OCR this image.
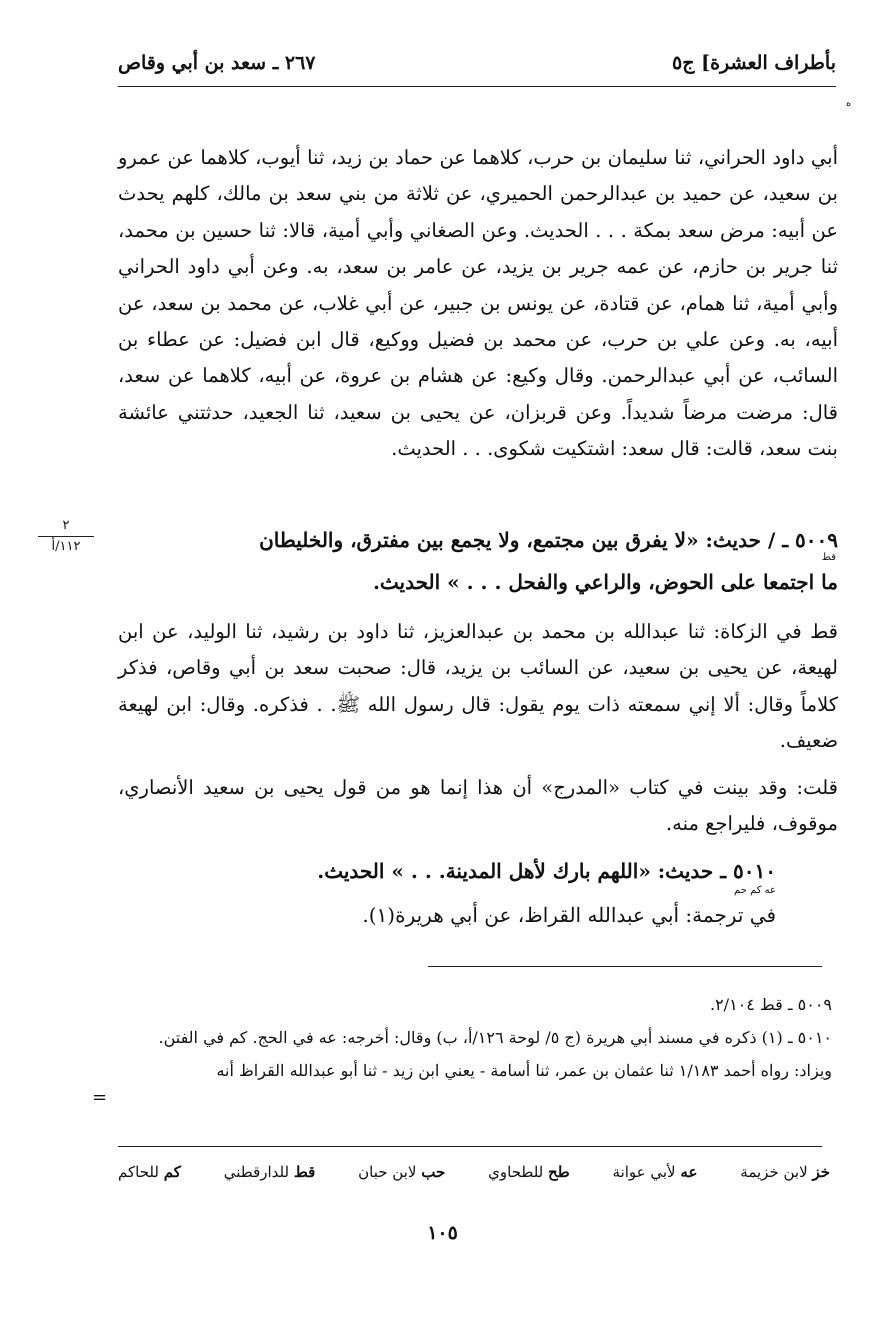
بأطراف العشرة] ج٥
٢٦٧ ـ سعد بن أبي وقاص
ه

أبي داود الحراني، ثنا سليمان بن حرب، كلاهما عن حماد بن زيد، ثنا أيوب، كلاهما عن عمرو بن سعيد، عن حميد بن عبدالرحمن الحميري، عن ثلاثة من بني سعد بن مالك، كلهم يحدث عن أبيه: مرض سعد بمكة . . . الحديث. وعن الصغاني وأبي أمية، قالا: ثنا حسين بن محمد، ثنا جرير بن حازم، عن عمه جرير بن يزيد، عن عامر بن سعد، به. وعن أبي داود الحراني وأبي أمية، ثنا همام، عن قتادة، عن يونس بن جبير، عن أبي غلاب، عن محمد بن سعد، عن أبيه، به. وعن علي بن حرب، عن محمد بن فضيل ووكيع، قال ابن فضيل: عن عطاء بن السائب، عن أبي عبدالرحمن. وقال وكيع: عن هشام بن عروة، عن أبيه، كلاهما عن سعد، قال: مرضت مرضاً شديداً. وعن قربزان، عن يحيى بن سعيد، ثنا الجعيد، حدثتني عائشة بنت سعد، قالت: قال سعد: اشتكيت شكوى. . . الحديث.

٢
١١٢/أ	٥٠٠٩ ـ / حديث: «لا يفرق بين مجتمع، ولا يجمع بين مفترق، والخليطان

قط

ما اجتمعا على الحوض، والراعي والفحل . . . » الحديث.

قط في الزكاة: ثنا عبدالله بن محمد بن عبدالعزيز، ثنا داود بن رشيد، ثنا الوليد، عن ابن لهيعة، عن يحيى بن سعيد، عن السائب بن يزيد، قال: صحبت سعد بن أبي وقاص، فذكر كلاماً وقال: ألا إني سمعته ذات يوم يقول: قال رسول الله ﷺ. . فذكره. وقال: ابن لهيعة ضعيف.

قلت: وقد بينت في كتاب «المدرج» أن هذا إنما هو من قول يحيى بن سعيد الأنصاري، موقوف، فليراجع منه.

٥٠١٠ ـ حديث: «اللهم بارك لأهل المدينة. . . » الحديث.

عه كم حم

في ترجمة: أبي عبدالله القراظ، عن أبي هريرة(١).

٥٠٠٩ ـ قط ٢/١٠٤.

٥٠١٠ ـ (١) ذكره في مسند أبي هريرة (ج ٥/ لوحة ١٢٦/أ، ب) وقال: أخرجه: عه في الحج. كم في الفتن.

ويزاد: رواه أحمد ١/١٨٣ ثنا عثمان بن عمر، ثنا أسامة - يعني ابن زيد - ثنا أبو عبدالله القراظ أنه

=
خز لابن خزيمة
عه لأبي عوانة
طح للطحاوي
حب لابن حبان
قط للدارقطني
كم للحاكم
١٠٥
